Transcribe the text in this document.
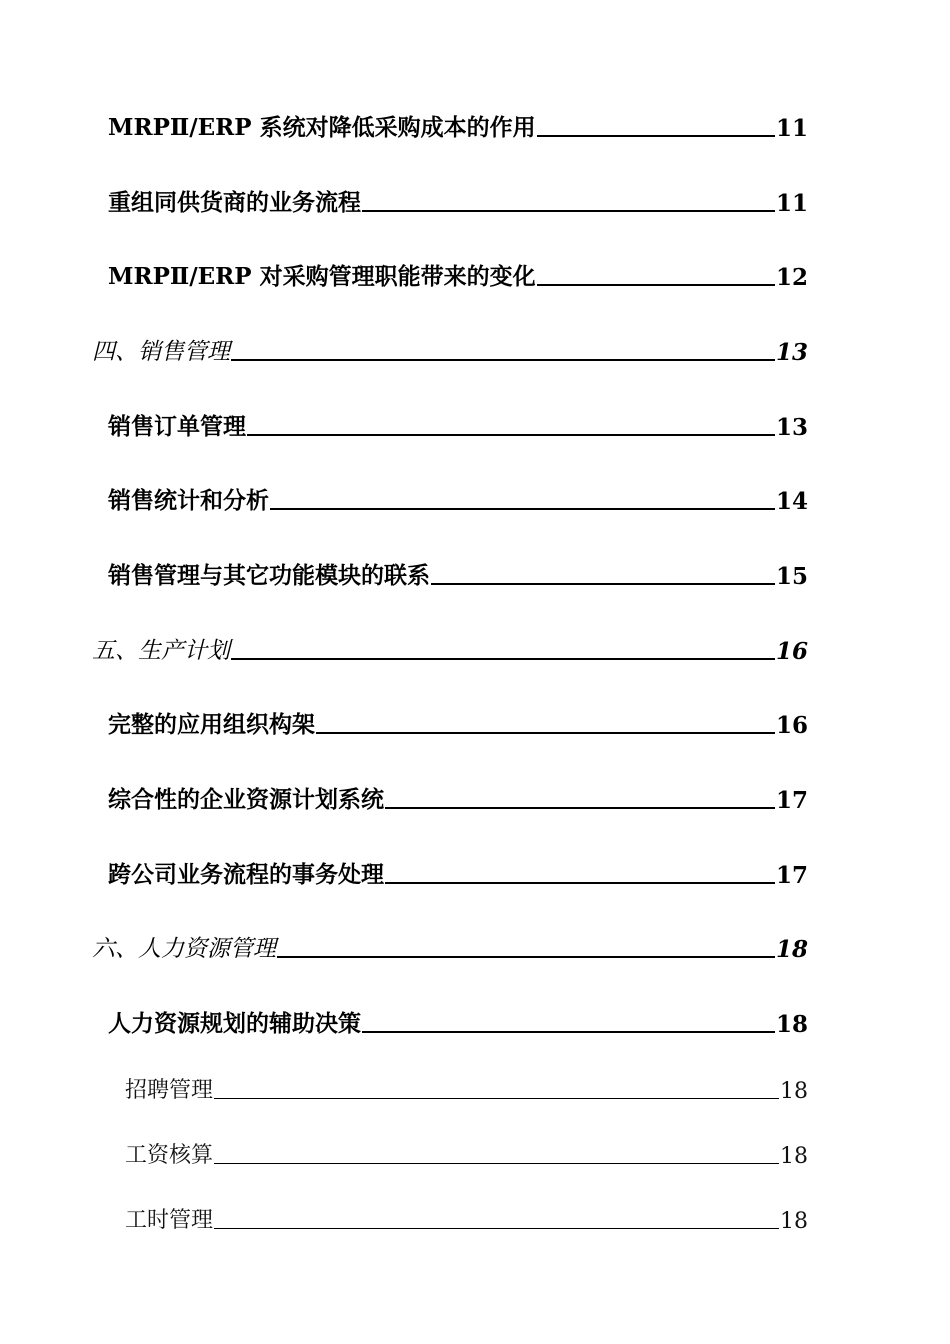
MRPⅡ/ERP 系统对降低采购成本的作用	11
重组同供货商的业务流程	11
MRPⅡ/ERP 对采购管理职能带来的变化	12
四、销售管理	13
销售订单管理	13
销售统计和分析	14
销售管理与其它功能模块的联系	15
五、生产计划	16
完整的应用组织构架	16
综合性的企业资源计划系统	17
跨公司业务流程的事务处理	17
六、人力资源管理	18
人力资源规划的辅助决策	18
招聘管理	18
工资核算	18
工时管理	18
